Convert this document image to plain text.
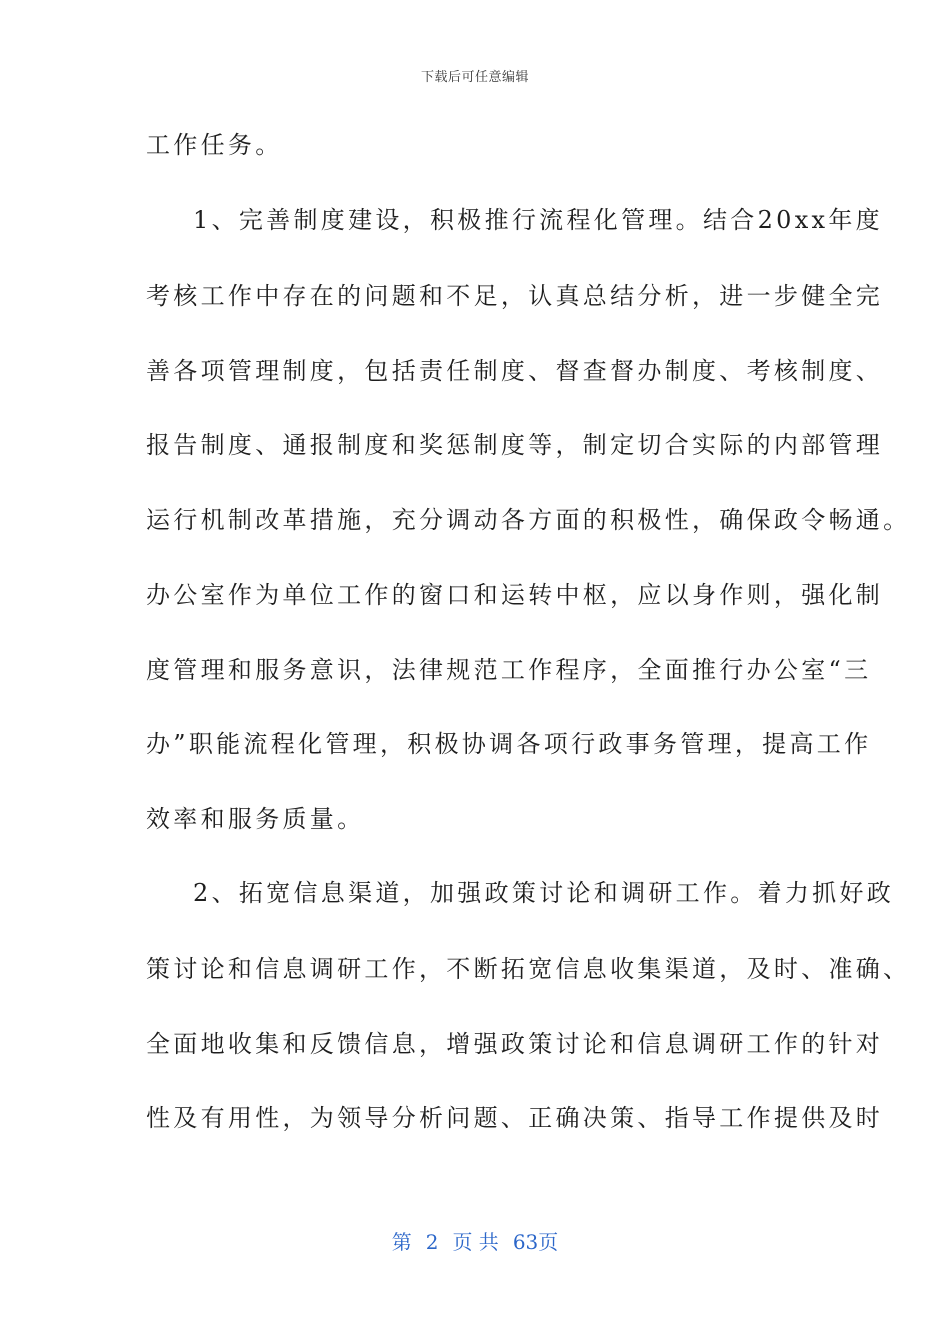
下载后可任意编辑
工作任务。
1、完善制度建设，积极推行流程化管理。结合20xx年度
考核工作中存在的问题和不足，认真总结分析，进一步健全完
善各项管理制度，包括责任制度、督查督办制度、考核制度、
报告制度、通报制度和奖惩制度等，制定切合实际的内部管理
运行机制改革措施，充分调动各方面的积极性，确保政令畅通。
办公室作为单位工作的窗口和运转中枢，应以身作则，强化制
度管理和服务意识，法律规范工作程序，全面推行办公室“三
办”职能流程化管理，积极协调各项行政事务管理，提高工作
效率和服务质量。
2、拓宽信息渠道，加强政策讨论和调研工作。着力抓好政
策讨论和信息调研工作，不断拓宽信息收集渠道，及时、准确、
全面地收集和反馈信息，增强政策讨论和信息调研工作的针对
性及有用性，为领导分析问题、正确决策、指导工作提供及时
第 2 页 共 63页
